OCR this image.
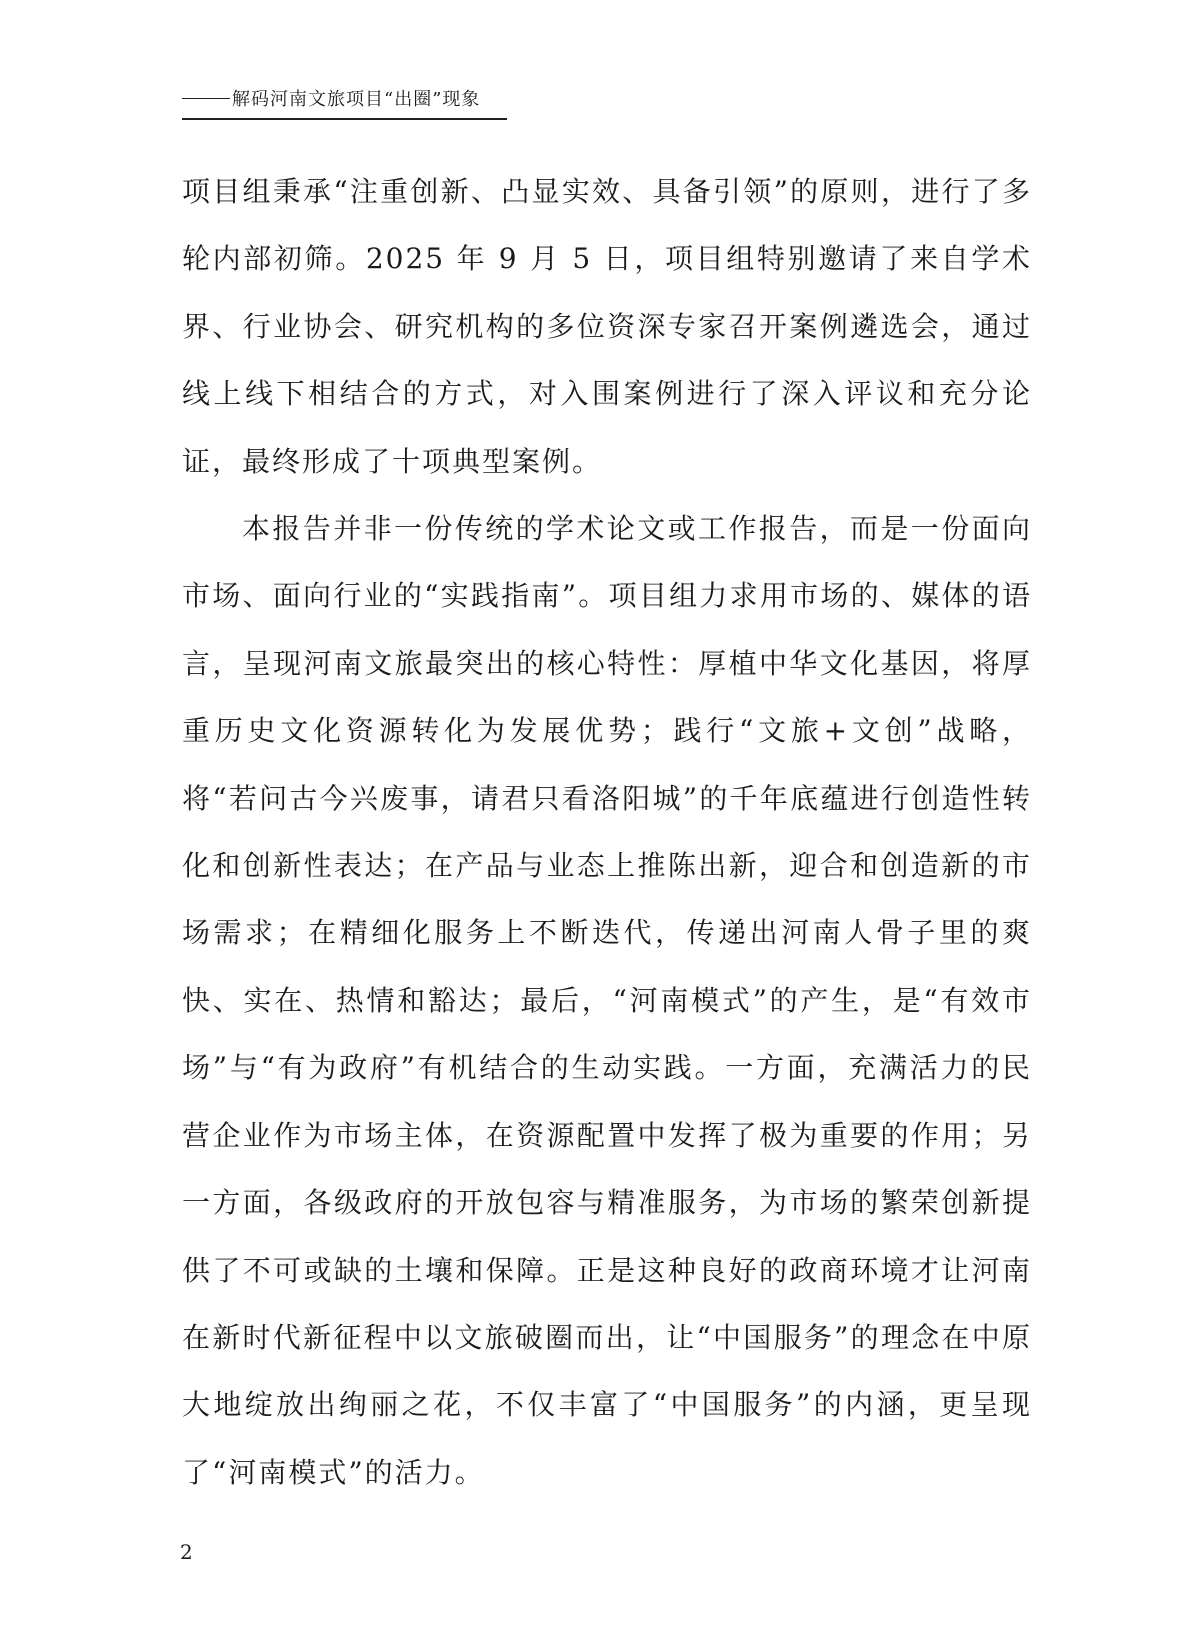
解码河南文旅项目“出圈”现象

项目组秉承“注重创新、凸显实效、具备引领”的原则，进行了多轮内部初筛。2025 年 9 月 5 日，项目组特别邀请了来自学术界、行业协会、研究机构的多位资深专家召开案例遴选会，通过线上线下相结合的方式，对入围案例进行了深入评议和充分论证，最终形成了十项典型案例。

本报告并非一份传统的学术论文或工作报告，而是一份面向市场、面向行业的“实践指南”。项目组力求用市场的、媒体的语言，呈现河南文旅最突出的核心特性：厚植中华文化基因，将厚重历史文化资源转化为发展优势；践行“文旅+文创”战略，将“若问古今兴废事，请君只看洛阳城”的千年底蕴进行创造性转化和创新性表达；在产品与业态上推陈出新，迎合和创造新的市场需求；在精细化服务上不断迭代，传递出河南人骨子里的爽快、实在、热情和豁达；最后，“河南模式”的产生，是“有效市场”与“有为政府”有机结合的生动实践。一方面，充满活力的民营企业作为市场主体，在资源配置中发挥了极为重要的作用；另一方面，各级政府的开放包容与精准服务，为市场的繁荣创新提供了不可或缺的土壤和保障。正是这种良好的政商环境才让河南在新时代新征程中以文旅破圈而出，让“中国服务”的理念在中原大地绽放出绚丽之花，不仅丰富了“中国服务”的内涵，更呈现了“河南模式”的活力。

2
